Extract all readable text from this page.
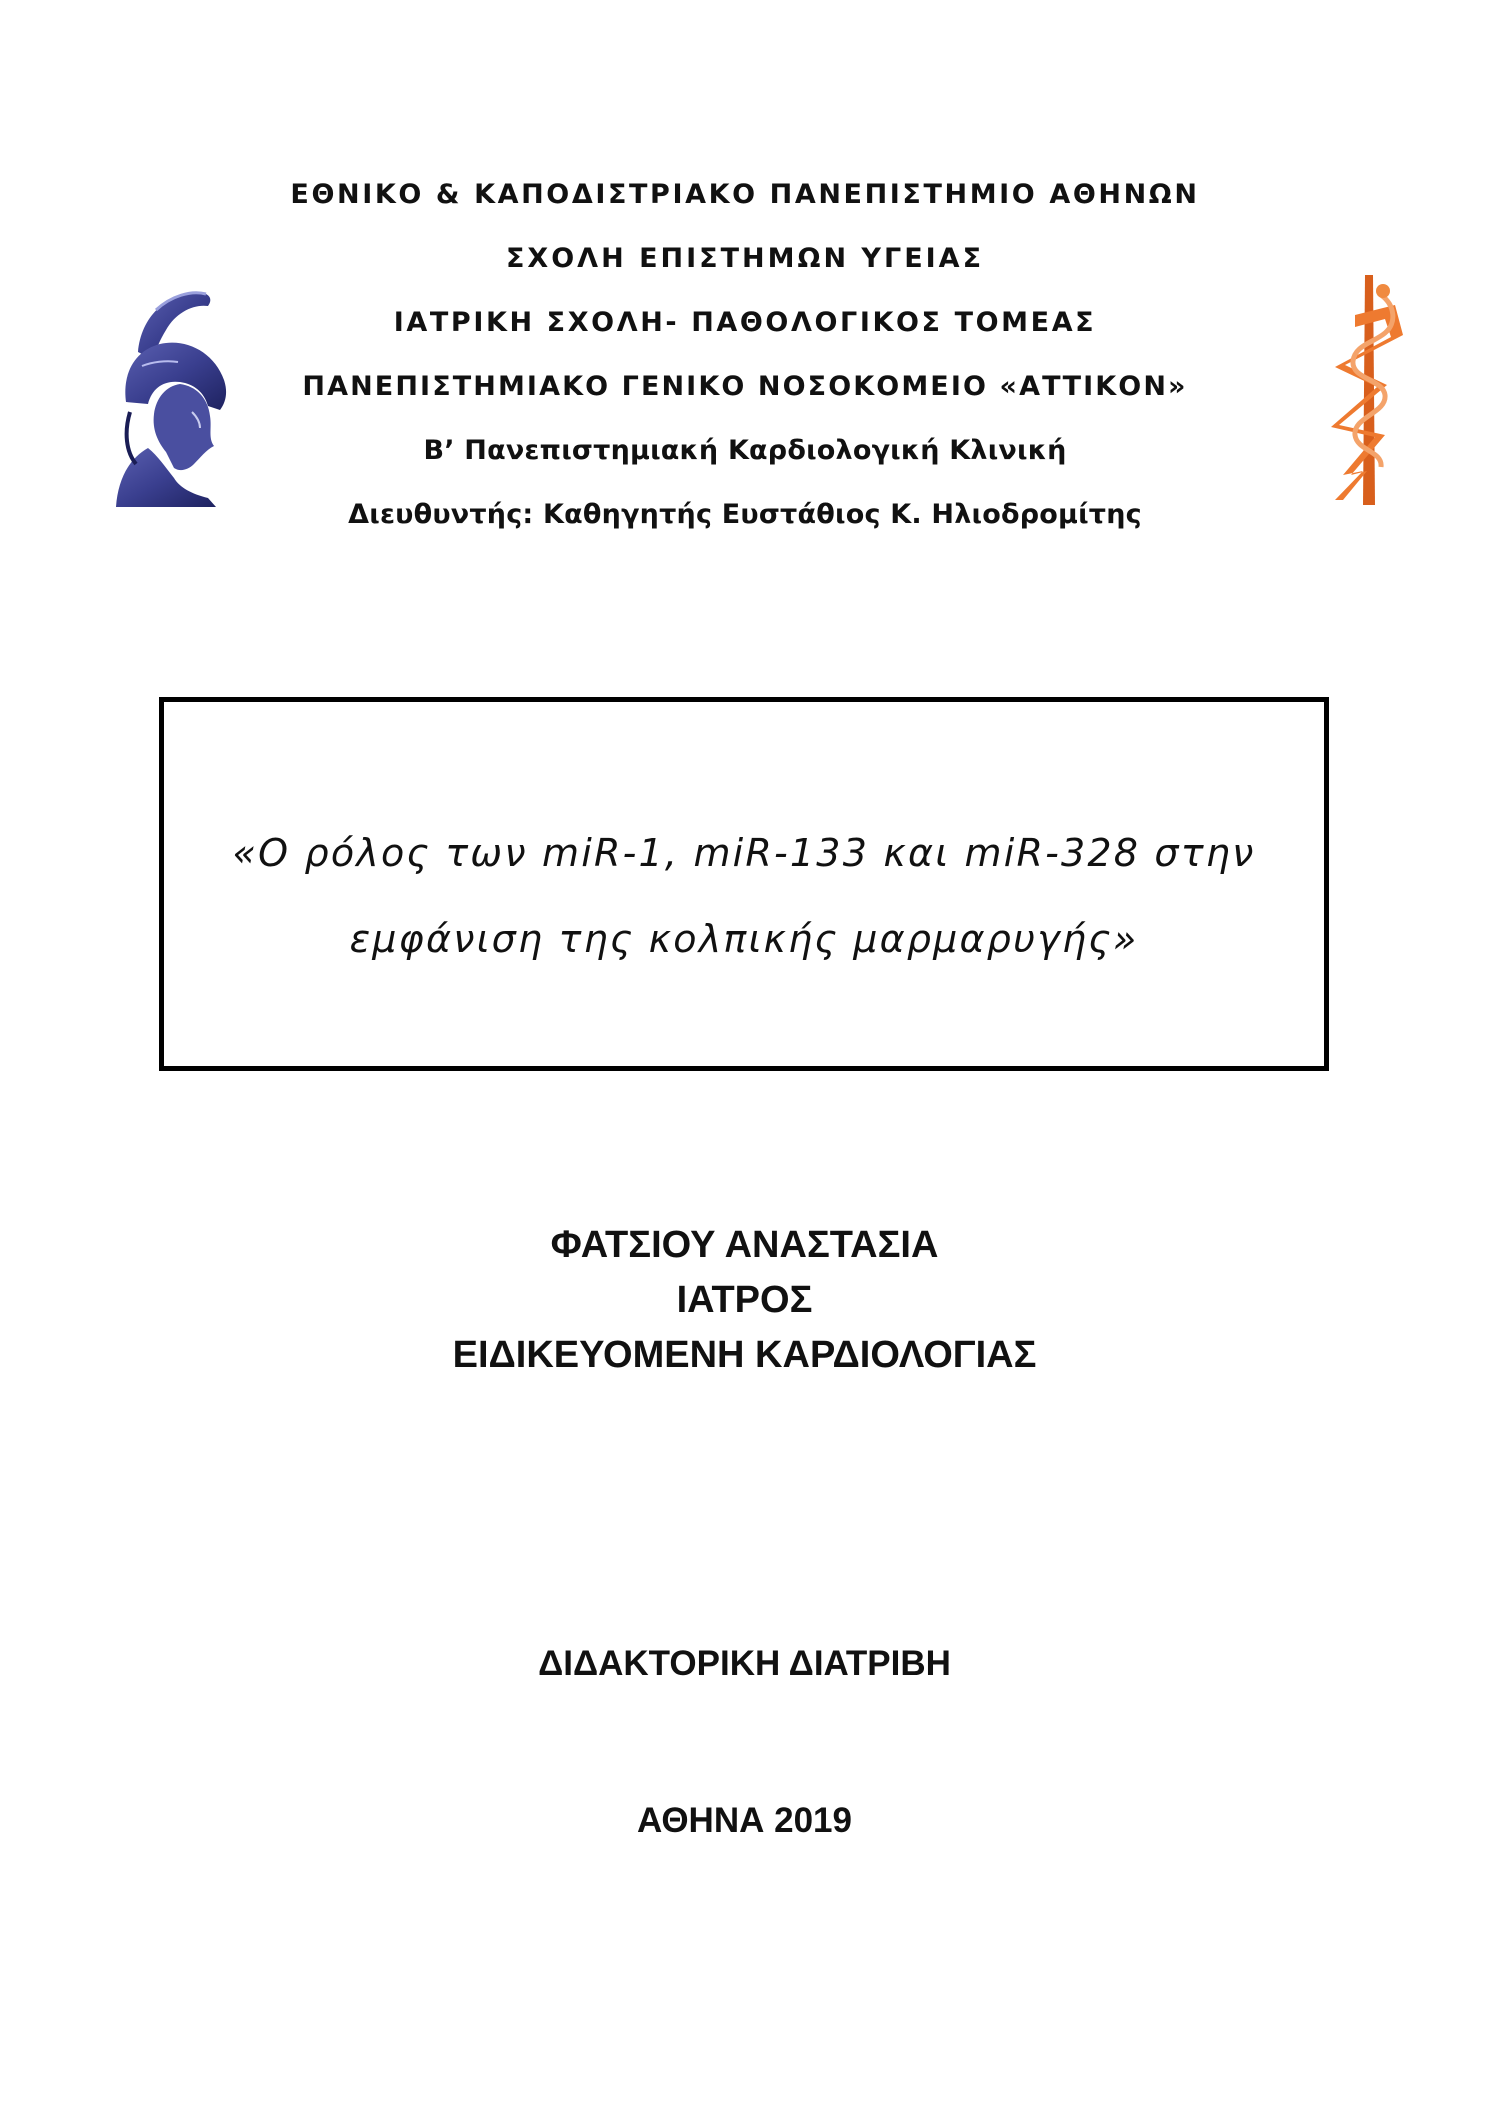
ΕΘΝΙΚΟ & ΚΑΠΟΔΙΣΤΡΙΑΚΟ ΠΑΝΕΠΙΣΤΗΜΙΟ ΑΘΗΝΩΝ
ΣΧΟΛΗ ΕΠΙΣΤΗΜΩΝ ΥΓΕΙΑΣ
ΙΑΤΡΙΚΗ ΣΧΟΛΗ- ΠΑΘΟΛΟΓΙΚΟΣ ΤΟΜΕΑΣ
ΠΑΝΕΠΙΣΤΗΜΙΑΚΟ ΓΕΝΙΚΟ ΝΟΣΟΚΟΜΕΙΟ «ΑΤΤΙΚΟΝ»
Β’ Πανεπιστημιακή Καρδιολογική Κλινική
Διευθυντής: Καθηγητής Ευστάθιος Κ. Ηλιοδρομίτης
«Ο ρόλος των miR-1, miR-133 και miR-328 στην
εμφάνιση της κολπικής μαρμαρυγής»
ΦΑΤΣΙΟΥ ΑΝΑΣΤΑΣΙΑ
ΙΑΤΡΟΣ
ΕΙΔΙΚΕΥΟΜΕΝΗ ΚΑΡΔΙΟΛΟΓΙΑΣ
ΔΙΔΑΚΤΟΡΙΚΗ ΔΙΑΤΡΙΒΗ
ΑΘΗΝΑ 2019
